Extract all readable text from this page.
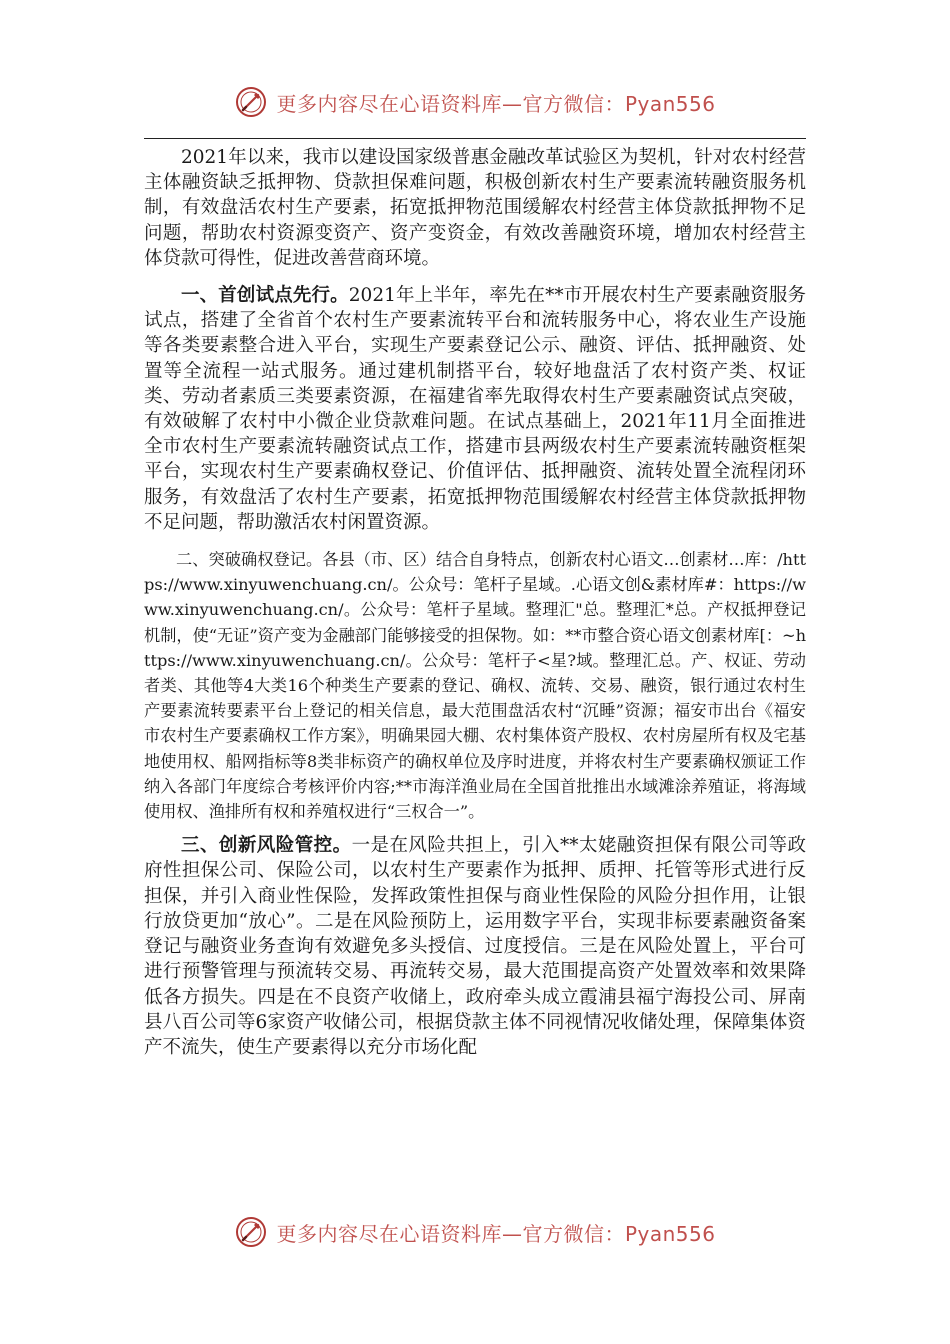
更多内容尽在心语资料库—官方微信：Pyan556

2021年以来，我市以建设国家级普惠金融改革试验区为契机，针对农村经营主体融资缺乏抵押物、贷款担保难问题，积极创新农村生产要素流转融资服务机制，有效盘活农村生产要素，拓宽抵押物范围缓解农村经营主体贷款抵押物不足问题，帮助农村资源变资产、资产变资金，有效改善融资环境，增加农村经营主体贷款可得性，促进改善营商环境。

一、首创试点先行。2021年上半年，率先在**市开展农村生产要素融资服务试点，搭建了全省首个农村生产要素流转平台和流转服务中心，将农业生产设施等各类要素整合进入平台，实现生产要素登记公示、融资、评估、抵押融资、处置等全流程一站式服务。通过建机制搭平台，较好地盘活了农村资产类、权证类、劳动者素质三类要素资源，在福建省率先取得农村生产要素融资试点突破，有效破解了农村中小微企业贷款难问题。在试点基础上，2021年11月全面推进全市农村生产要素流转融资试点工作，搭建市县两级农村生产要素流转融资框架平台，实现农村生产要素确权登记、价值评估、抵押融资、流转处置全流程闭环服务，有效盘活了农村生产要素，拓宽抵押物范围缓解农村经营主体贷款抵押物不足问题，帮助激活农村闲置资源。

二、突破确权登记。各县（市、区）结合自身特点，创新农村心语文…创素材…库：/https://www.xinyuwenchuang.cn/。公众号：笔杆子星域。.心语文创&素材库#：https://www.xinyuwenchuang.cn/。公众号：笔杆子星域。整理汇"总。整理汇*总。产权抵押登记机制，使“无证”资产变为金融部门能够接受的担保物。如：**市整合资心语文创素材库[：~https://www.xinyuwenchuang.cn/。公众号：笔杆子<星?域。整理汇总。产、权证、劳动者类、其他等4大类16个种类生产要素的登记、确权、流转、交易、融资，银行通过农村生产要素流转要素平台上登记的相关信息，最大范围盘活农村“沉睡”资源；福安市出台《福安市农村生产要素确权工作方案》，明确果园大棚、农村集体资产股权、农村房屋所有权及宅基地使用权、船网指标等8类非标资产的确权单位及序时进度，并将农村生产要素确权颁证工作纳入各部门年度综合考核评价内容;**市海洋渔业局在全国首批推出水域滩涂养殖证，将海域使用权、渔排所有权和养殖权进行“三权合一”。

三、创新风险管控。一是在风险共担上，引入**太姥融资担保有限公司等政府性担保公司、保险公司，以农村生产要素作为抵押、质押、托管等形式进行反担保，并引入商业性保险，发挥政策性担保与商业性保险的风险分担作用，让银行放贷更加“放心”。二是在风险预防上，运用数字平台，实现非标要素融资备案登记与融资业务查询有效避免多头授信、过度授信。三是在风险处置上，平台可进行预警管理与预流转交易、再流转交易，最大范围提高资产处置效率和效果降低各方损失。四是在不良资产收储上，政府牵头成立霞浦县福宁海投公司、屏南县八百公司等6家资产收储公司，根据贷款主体不同视情况收储处理，保障集体资产不流失，使生产要素得以充分市场化配

更多内容尽在心语资料库—官方微信：Pyan556
